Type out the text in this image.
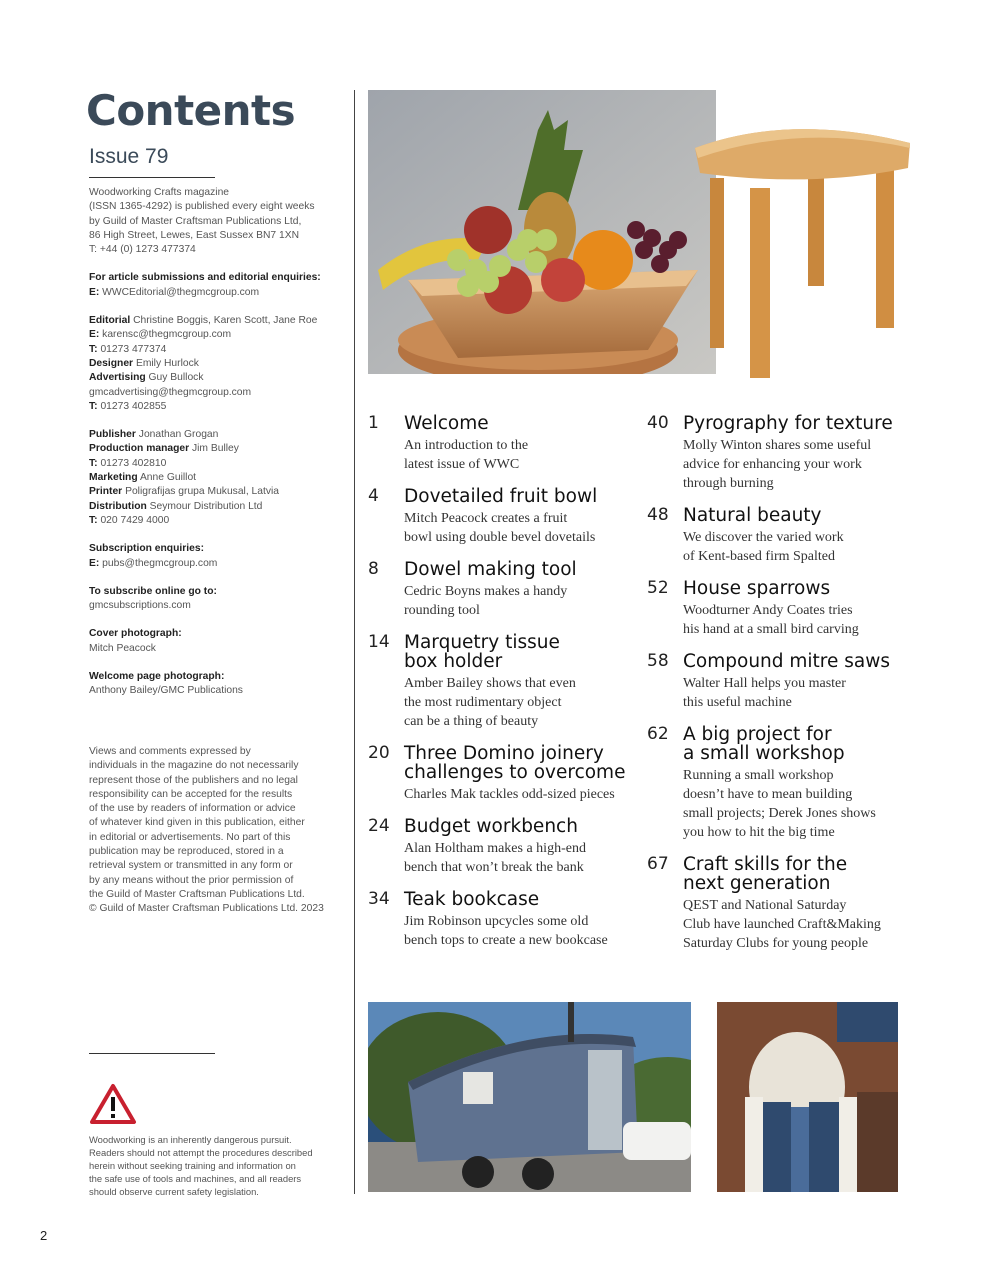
Contents
Issue 79
Woodworking Crafts magazine
(ISSN 1365-4292) is published every eight weeks
by Guild of Master Craftsman Publications Ltd,
86 High Street, Lewes, East Sussex BN7 1XN
T: +44 (0) 1273 477374
For article submissions and editorial enquiries:
E: WWCEditorial@thegmcgroup.com
Editorial Christine Boggis, Karen Scott, Jane Roe
E: karensc@thegmcgroup.com
T: 01273 477374
Designer Emily Hurlock
Advertising Guy Bullock
gmcadvertising@thegmcgroup.com
T: 01273 402855
Publisher Jonathan Grogan
Production manager Jim Bulley
T: 01273 402810
Marketing Anne Guillot
Printer Poligrafijas grupa Mukusal, Latvia
Distribution Seymour Distribution Ltd
T: 020 7429 4000
Subscription enquiries:
E: pubs@thegmcgroup.com
To subscribe online go to:
gmcsubscriptions.com
Cover photograph:
Mitch Peacock
Welcome page photograph:
Anthony Bailey/GMC Publications
Views and comments expressed by
individuals in the magazine do not necessarily
represent those of the publishers and no legal
responsibility can be accepted for the results
of the use by readers of information or advice
of whatever kind given in this publication, either
in editorial or advertisements. No part of this
publication may be reproduced, stored in a
retrieval system or transmitted in any form or
by any means without the prior permission of
the Guild of Master Craftsman Publications Ltd.
© Guild of Master Craftsman Publications Ltd. 2023
Woodworking is an inherently dangerous pursuit.
Readers should not attempt the procedures described
herein without seeking training and information on
the safe use of tools and machines, and all readers
should observe current safety legislation.
2
1 Welcome
An introduction to the
latest issue of WWC
4 Dovetailed fruit bowl
Mitch Peacock creates a fruit
bowl using double bevel dovetails
8 Dowel making tool
Cedric Boyns makes a handy
rounding tool
14 Marquetry tissue
box holder
Amber Bailey shows that even
the most rudimentary object
can be a thing of beauty
20 Three Domino joinery
challenges to overcome
Charles Mak tackles odd-sized pieces
24 Budget workbench
Alan Holtham makes a high-end
bench that won’t break the bank
34 Teak bookcase
Jim Robinson upcycles some old
bench tops to create a new bookcase
40 Pyrography for texture
Molly Winton shares some useful
advice for enhancing your work
through burning
48 Natural beauty
We discover the varied work
of Kent-based firm Spalted
52 House sparrows
Woodturner Andy Coates tries
his hand at a small bird carving
58 Compound mitre saws
Walter Hall helps you master
this useful machine
62 A big project for
a small workshop
Running a small workshop
doesn’t have to mean building
small projects; Derek Jones shows
you how to hit the big time
67 Craft skills for the
next generation
QEST and National Saturday
Club have launched Craft&Making
Saturday Clubs for young people
